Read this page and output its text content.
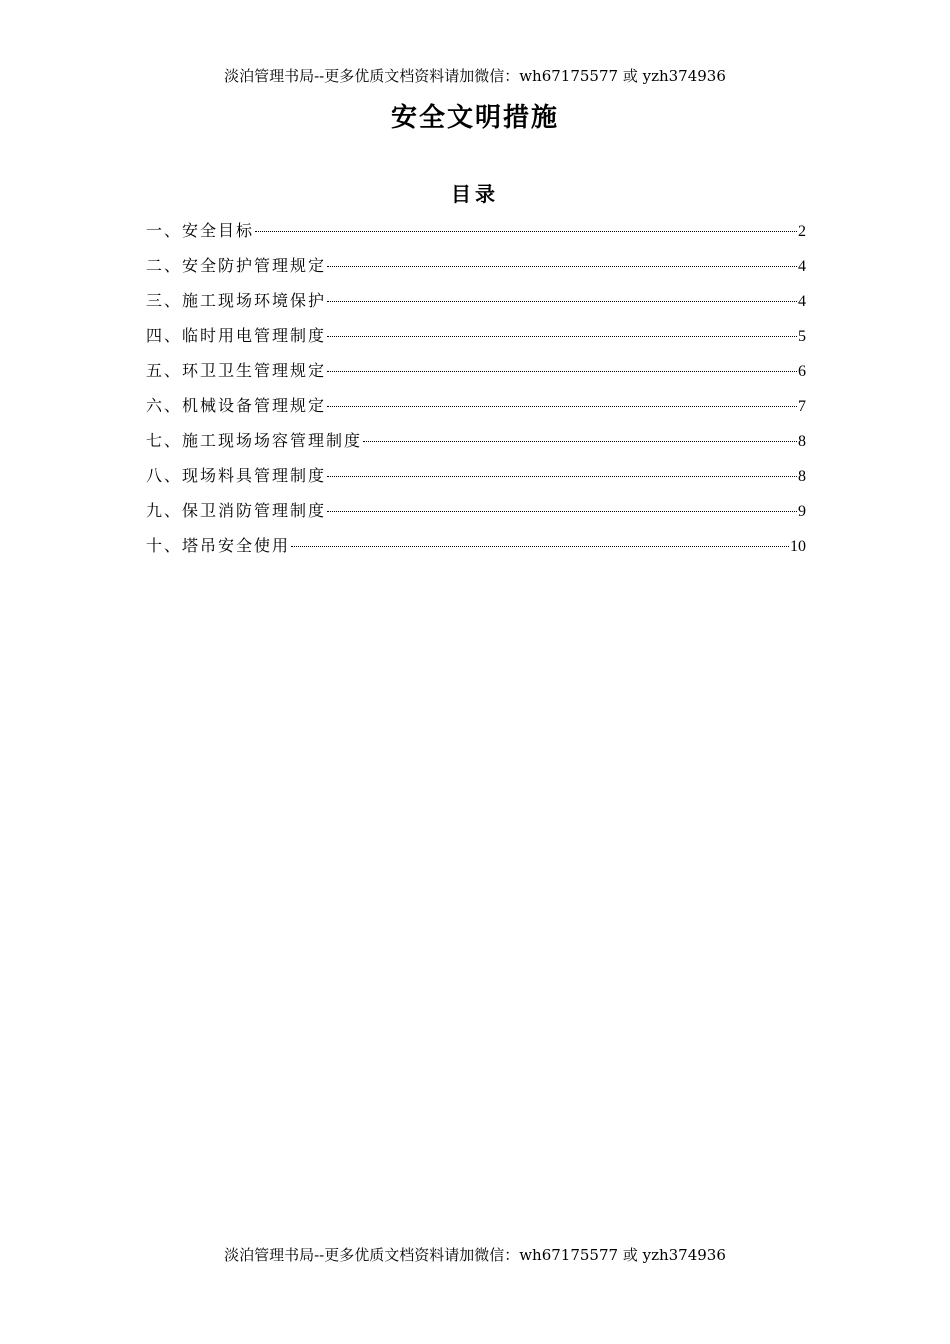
淡泊管理书局--更多优质文档资料请加微信：wh67175577 或 yzh374936
安全文明措施
目录
一、安全目标	2
二、安全防护管理规定	4
三、施工现场环境保护	4
四、临时用电管理制度	5
五、环卫卫生管理规定	6
六、机械设备管理规定	7
七、施工现场场容管理制度	8
八、现场料具管理制度	8
九、保卫消防管理制度	9
十、塔吊安全使用	10
淡泊管理书局--更多优质文档资料请加微信：wh67175577 或 yzh374936
